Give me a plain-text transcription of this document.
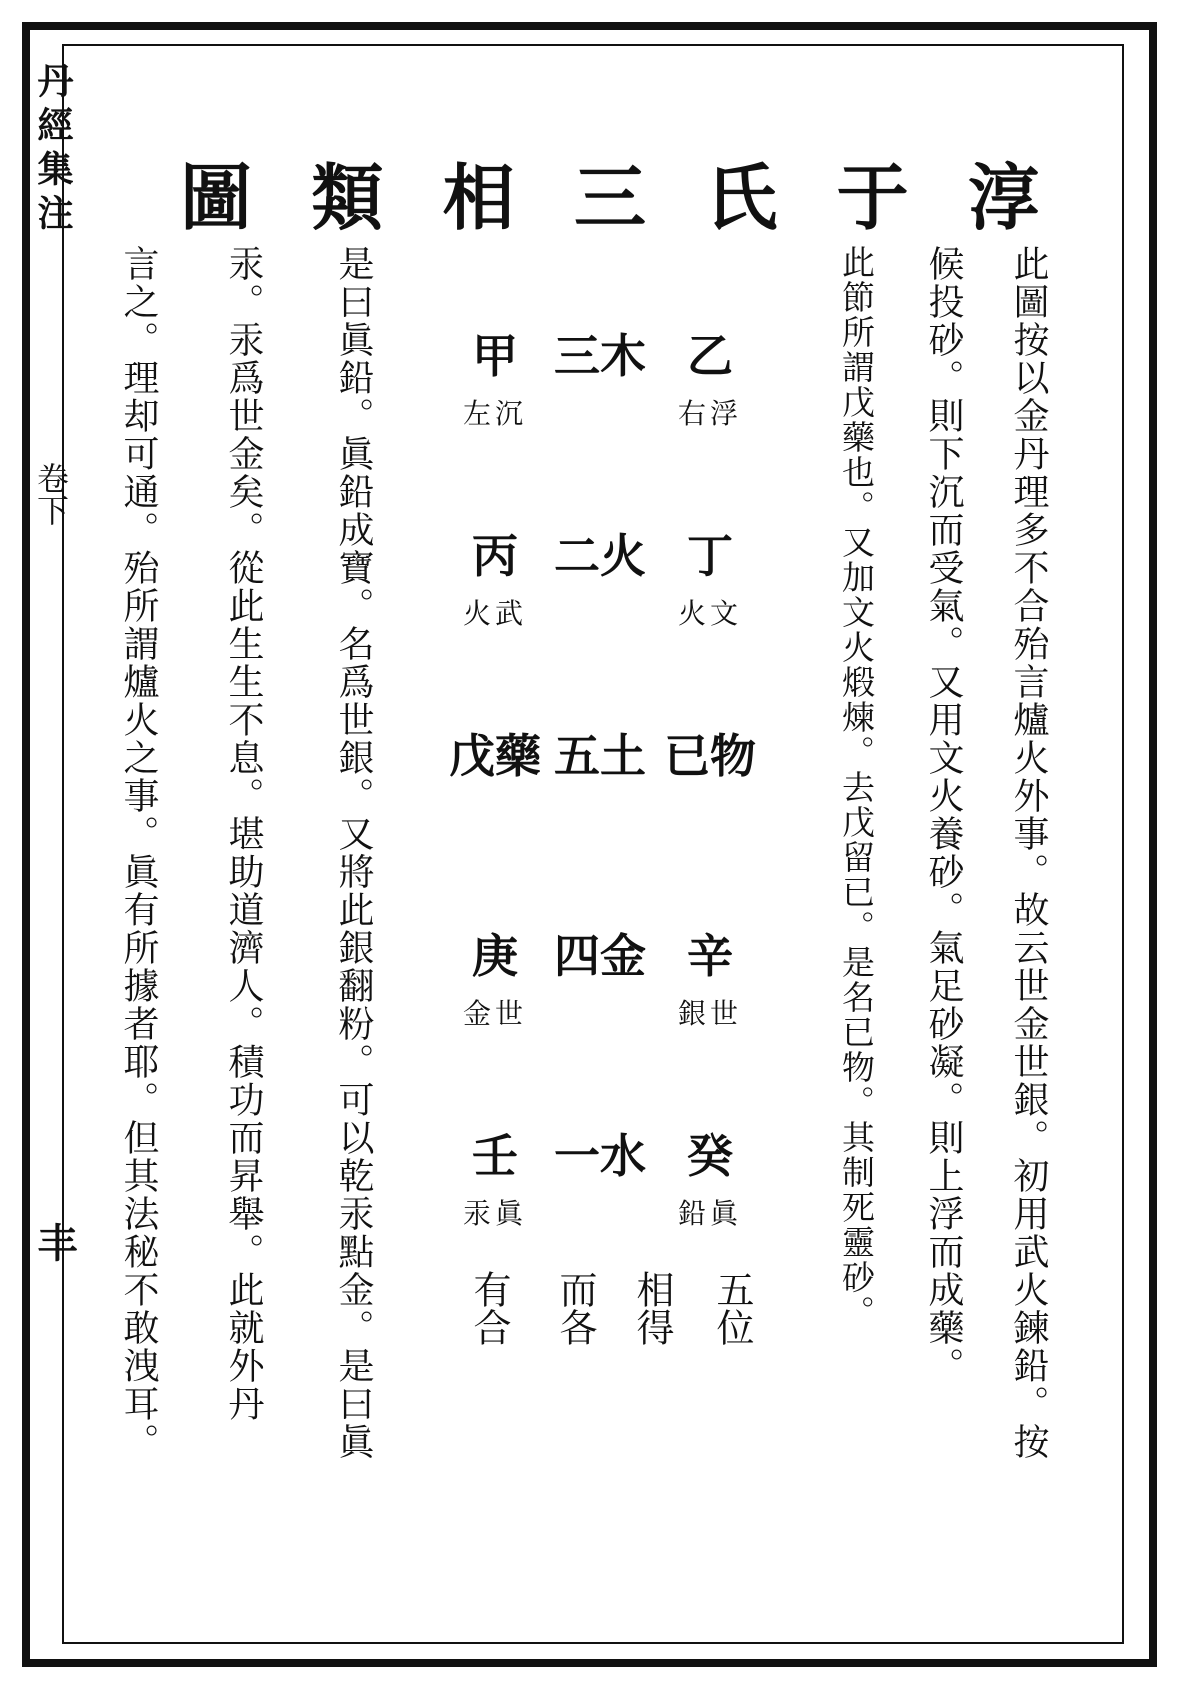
丹經集注
卷下
丰
淳
于
氏
三
相
類
圖
此圖按以金丹理多不合殆言爐火外事。故云世金世銀。初用武火鍊鉛。按
候投砂。則下沉而受氣。又用文火養砂。氣足砂凝。則上浮而成藥。
此節所謂戊藥也。又加文火煅煉。去戊留已。是名已物。其制死靈砂。
乙
右浮
丁
火文
已物
辛
銀世
癸
鉛眞
三木
二火
五土
四金
一水
甲
左沉
丙
火武
戊藥
庚
金世
壬
汞眞
五位
相得
而各
有合
是曰眞鉛。眞鉛成寶。名爲世銀。又將此銀翻粉。可以乾汞點金。是曰眞
汞。汞爲世金矣。從此生生不息。堪助道濟人。積功而昇舉。此就外丹
言之。理却可通。殆所謂爐火之事。眞有所據者耶。但其法秘不敢洩耳。
